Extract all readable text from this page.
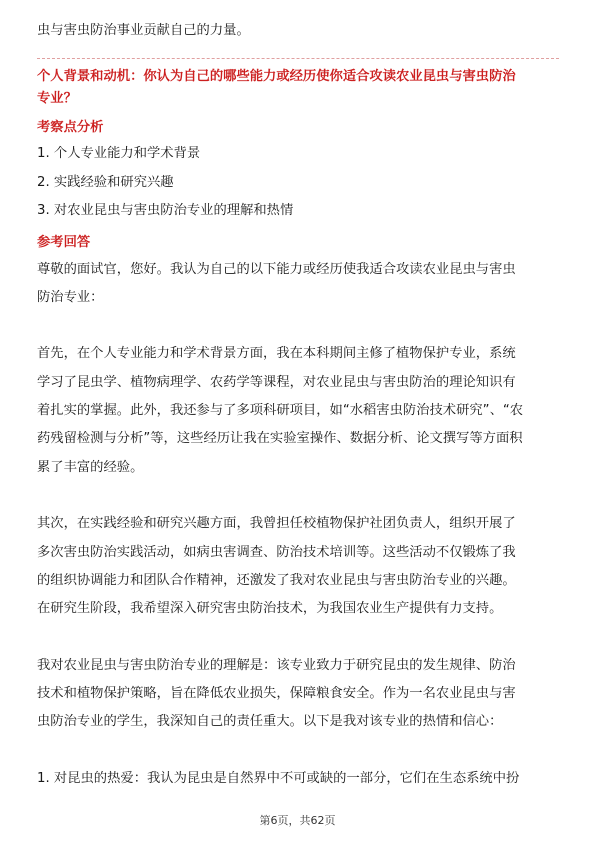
虫与害虫防治事业贡献自己的力量。
个人背景和动机：你认为自己的哪些能力或经历使你适合攻读农业昆虫与害虫防治
专业？
考察点分析
1. 个人专业能力和学术背景
2. 实践经验和研究兴趣
3. 对农业昆虫与害虫防治专业的理解和热情
参考回答
尊敬的面试官，您好。我认为自己的以下能力或经历使我适合攻读农业昆虫与害虫
防治专业：
首先，在个人专业能力和学术背景方面，我在本科期间主修了植物保护专业，系统
学习了昆虫学、植物病理学、农药学等课程，对农业昆虫与害虫防治的理论知识有
着扎实的掌握。此外，我还参与了多项科研项目，如“水稻害虫防治技术研究”、“农
药残留检测与分析”等，这些经历让我在实验室操作、数据分析、论文撰写等方面积
累了丰富的经验。
其次，在实践经验和研究兴趣方面，我曾担任校植物保护社团负责人，组织开展了
多次害虫防治实践活动，如病虫害调查、防治技术培训等。这些活动不仅锻炼了我
的组织协调能力和团队合作精神，还激发了我对农业昆虫与害虫防治专业的兴趣。
在研究生阶段，我希望深入研究害虫防治技术，为我国农业生产提供有力支持。
我对农业昆虫与害虫防治专业的理解是：该专业致力于研究昆虫的发生规律、防治
技术和植物保护策略，旨在降低农业损失，保障粮食安全。作为一名农业昆虫与害
虫防治专业的学生，我深知自己的责任重大。以下是我对该专业的热情和信心：
1. 对昆虫的热爱：我认为昆虫是自然界中不可或缺的一部分，它们在生态系统中扮
第6页，共62页
